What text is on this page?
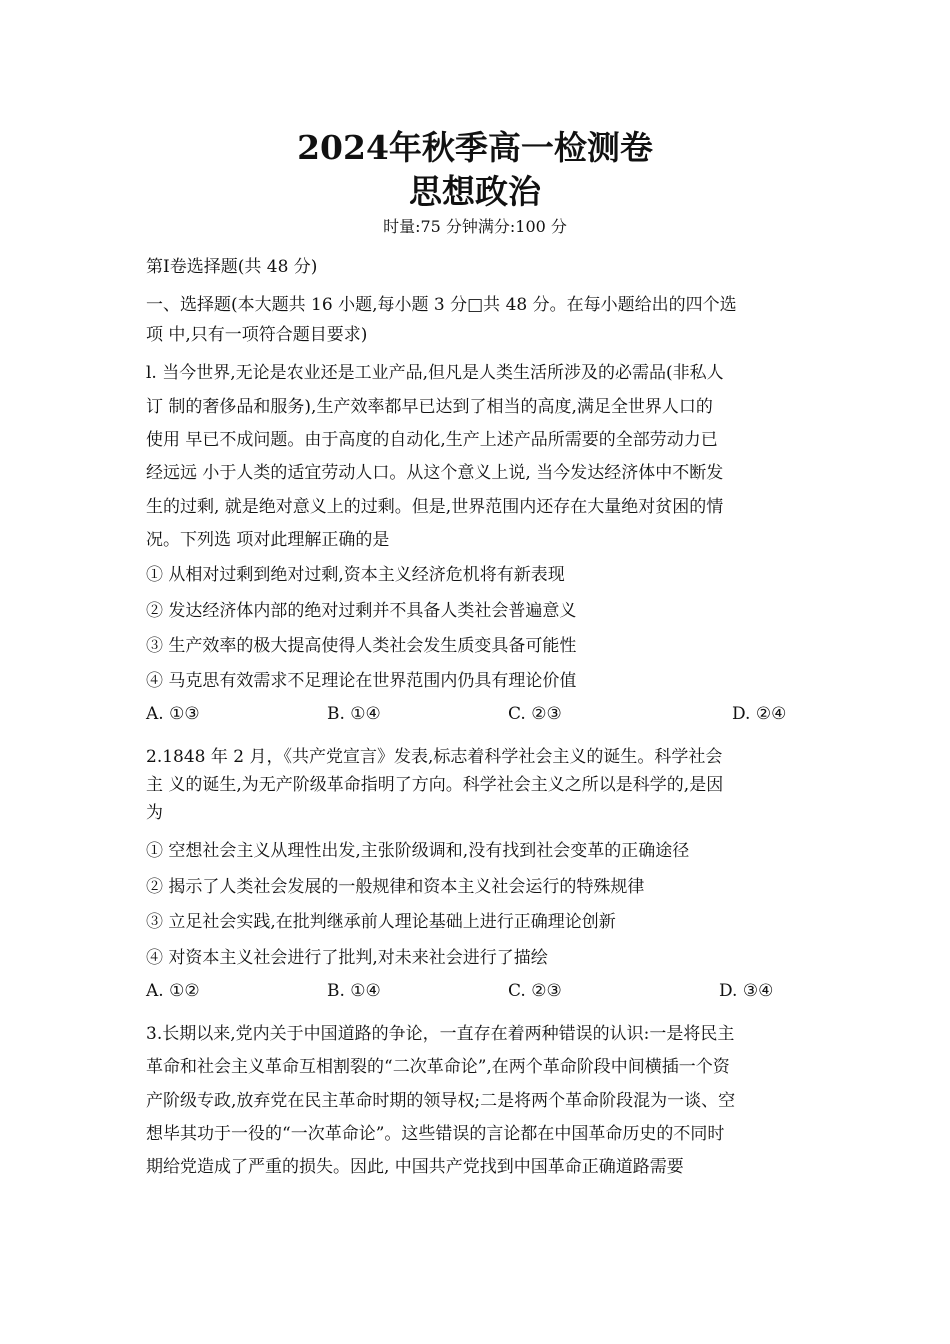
2024年秋季高一检测卷
思想政治
时量:75 分钟满分:100 分
第Ⅰ卷选择题(共 48 分)
一、选择题(本大题共 16 小题,每小题 3 分□共 48 分。在每小题给出的四个选
项 中,只有一项符合题目要求)
l. 当今世界,无论是农业还是工业产品,但凡是人类生活所涉及的必需品(非私人
订 制的奢侈品和服务),生产效率都早已达到了相当的高度,满足全世界人口的
使用 早已不成问题。由于高度的自动化,生产上述产品所需要的全部劳动力已
经远远 小于人类的适宜劳动人口。从这个意义上说, 当今发达经济体中不断发
生的过剩, 就是绝对意义上的过剩。但是,世界范围内还存在大量绝对贫困的情
况。下列选 项对此理解正确的是
① 从相对过剩到绝对过剩,资本主义经济危机将有新表现
② 发达经济体内部的绝对过剩并不具备人类社会普遍意义
③ 生产效率的极大提高使得人类社会发生质变具备可能性
④ 马克思有效需求不足理论在世界范围内仍具有理论价值
A. ①③	B. ①④	C. ②③	D. ②④
2.1848 年 2 月，《共产党宣言》发表,标志着科学社会主义的诞生。科学社会
主 义的诞生,为无产阶级革命指明了方向。科学社会主义之所以是科学的,是因
为
① 空想社会主义从理性出发,主张阶级调和,没有找到社会变革的正确途径
② 揭示了人类社会发展的一般规律和资本主义社会运行的特殊规律
③ 立足社会实践,在批判继承前人理论基础上进行正确理论创新
④ 对资本主义社会进行了批判,对未来社会进行了描绘
A. ①②	B. ①④	C. ②③	D. ③④
3.长期以来,党内关于中国道路的争论，一直存在着两种错误的认识:一是将民主
革命和社会主义革命互相割裂的“二次革命论”,在两个革命阶段中间横插一个资
产阶级专政,放弃党在民主革命时期的领导权;二是将两个革命阶段混为一谈、空
想毕其功于一役的“一次革命论”。这些错误的言论都在中国革命历史的不同时
期给党造成了严重的损失。因此, 中国共产党找到中国革命正确道路需要
